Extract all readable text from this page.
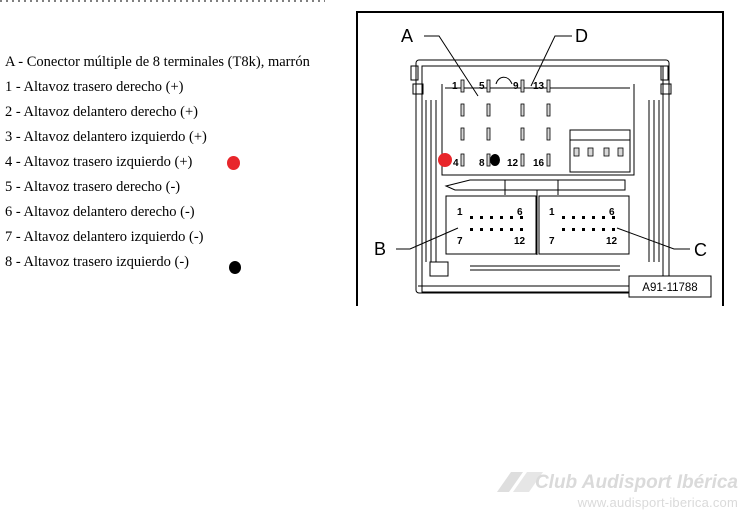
A - Conector múltiple de 8 terminales (T8k), marrón
1 - Altavoz trasero derecho (+)
2 - Altavoz delantero derecho (+)
3 - Altavoz delantero izquierdo (+)
4 - Altavoz trasero izquierdo (+)
5 - Altavoz trasero derecho (-)
6 - Altavoz delantero derecho (-)
7 - Altavoz delantero izquierdo (-)
8 - Altavoz trasero izquierdo (-)
A	D
B	C
1 5	9 13
4 8 12 16
1	6
7	12
1	6
7	12
A91-11788
Club Audisport Ibérica
www.audisport-iberica.com
